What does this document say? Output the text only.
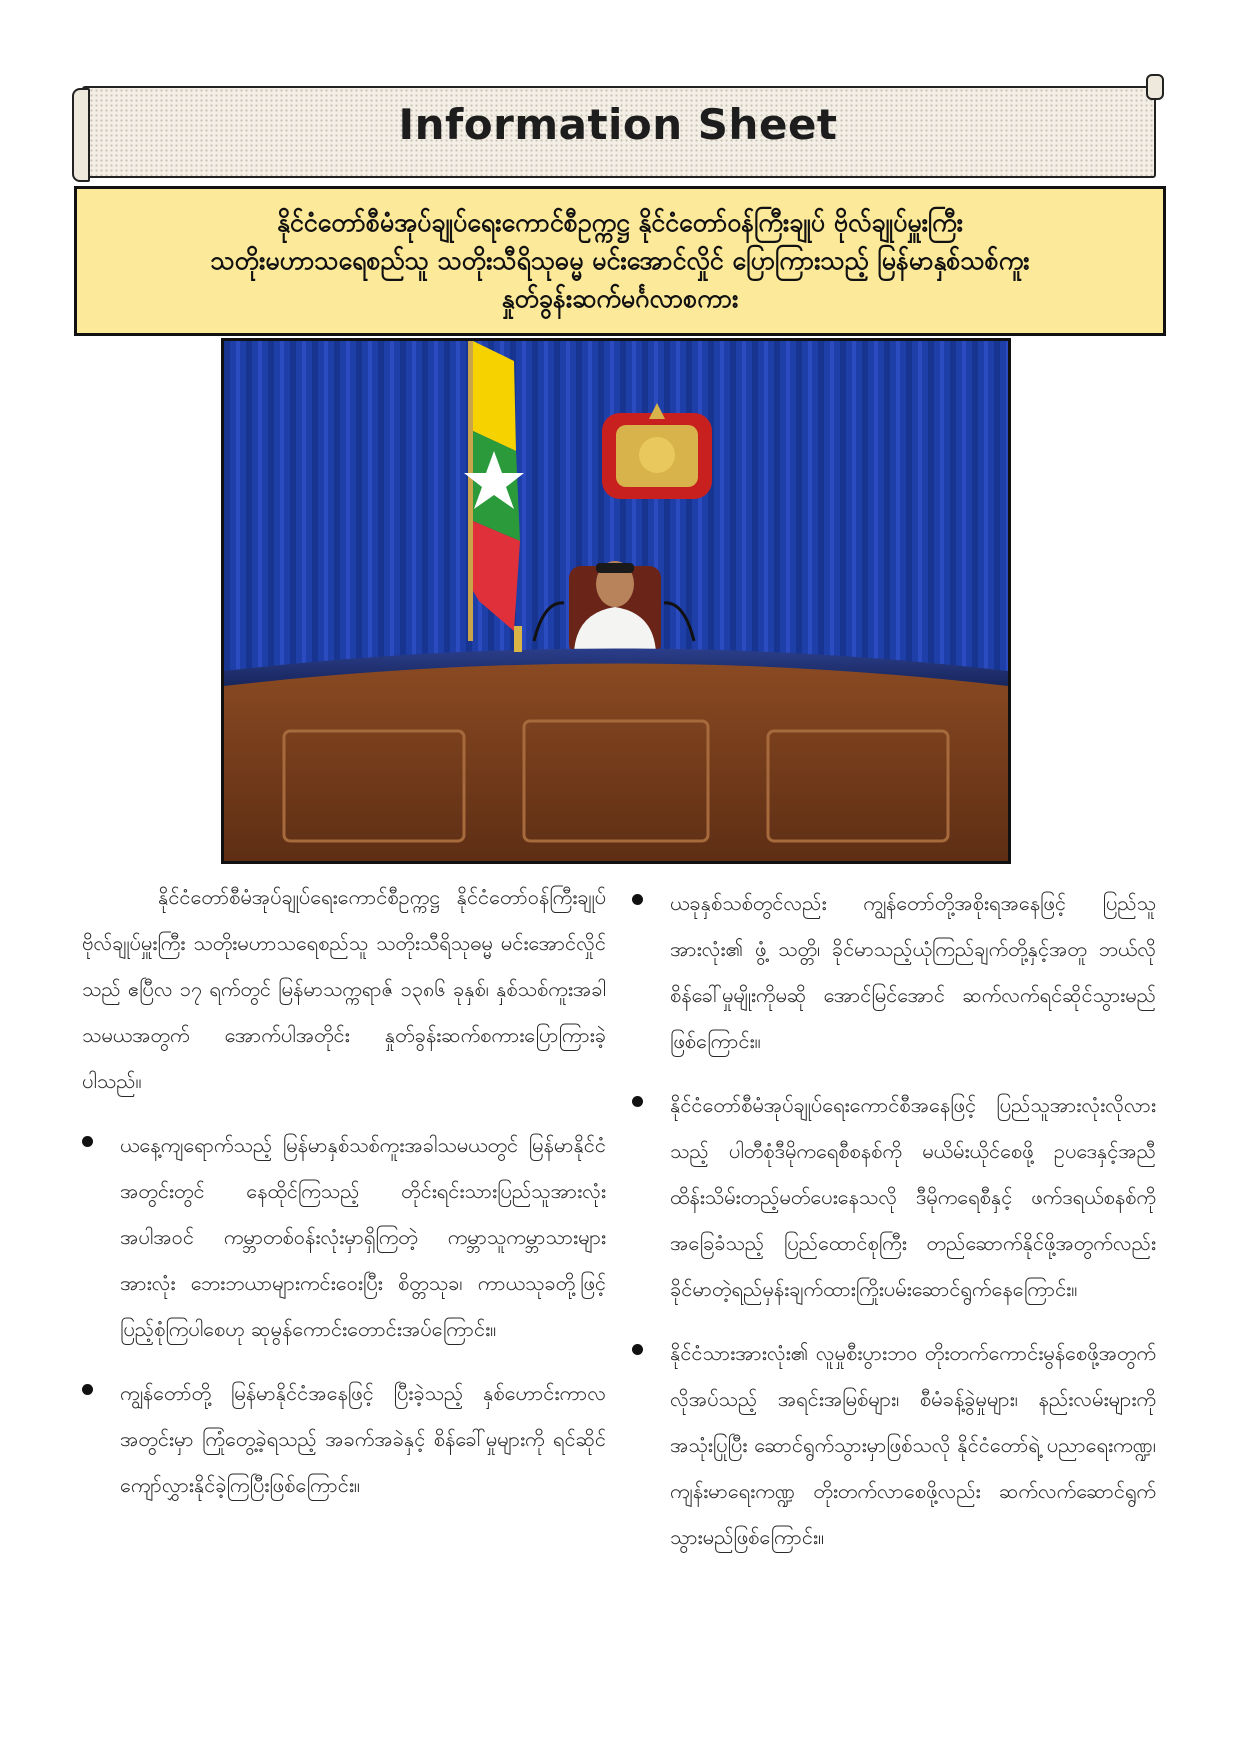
Information Sheet
နိုင်ငံတော်စီမံအုပ်ချုပ်ရေးကောင်စီဥက္ကဋ္ဌ နိုင်ငံတော်ဝန်ကြီးချုပ် ဗိုလ်ချုပ်မှူးကြီး
သတိုးမဟာသရေစည်သူ သတိုးသီရိသုဓမ္မ မင်းအောင်လှိုင် ပြောကြားသည့် မြန်မာနှစ်သစ်ကူး
နှုတ်ခွန်းဆက်မင်္ဂလာစကား

နိုင်ငံတော်စီမံအုပ်ချုပ်ရေးကောင်စီဥက္ကဋ္ဌ နိုင်ငံတော်ဝန်ကြီးချုပ် ဗိုလ်ချုပ်မှူးကြီး သတိုးမဟာသရေစည်သူ သတိုးသီရိသုဓမ္မ မင်းအောင်လှိုင်သည် ဧပြီလ ၁၇ ရက်တွင် မြန်မာသက္ကရာဇ် ၁၃၈၆ ခုနှစ်၊ နှစ်သစ်ကူးအခါသမယအတွက် အောက်ပါအတိုင်း နှုတ်ခွန်းဆက်စကားပြောကြားခဲ့ပါသည်။

ယနေ့ကျရောက်သည့် မြန်မာနှစ်သစ်ကူးအခါသမယတွင် မြန်မာနိုင်ငံအတွင်းတွင် နေထိုင်ကြသည့် တိုင်းရင်းသားပြည်သူအားလုံးအပါအဝင် ကမ္ဘာတစ်ဝန်းလုံးမှာရှိကြတဲ့ ကမ္ဘာသူကမ္ဘာသားများအားလုံး ဘေးဘယာများကင်းဝေးပြီး စိတ္တသုခ၊ ကာယသုခတို့ဖြင့် ပြည့်စုံကြပါစေဟု ဆုမွန်ကောင်းတောင်းအပ်ကြောင်း။
ကျွန်တော်တို့ မြန်မာနိုင်ငံအနေဖြင့် ပြီးခဲ့သည့် နှစ်ဟောင်းကာလအတွင်းမှာ ကြုံတွေ့ခဲ့ရသည့် အခက်အခဲနှင့် စိန်ခေါ်မှုများကို ရင်ဆိုင်ကျော်လွှားနိုင်ခဲ့ကြပြီးဖြစ်ကြောင်း။
ယခုနှစ်သစ်တွင်လည်း ကျွန်တော်တို့အစိုးရအနေဖြင့် ပြည်သူအားလုံး၏ ဖွံ့ သတ္တိ၊ ခိုင်မာသည့်ယုံကြည်ချက်တို့နှင့်အတူ ဘယ်လိုစိန်ခေါ်မှုမျိုးကိုမဆို အောင်မြင်အောင် ဆက်လက်ရင်ဆိုင်သွားမည်ဖြစ်ကြောင်း။
နိုင်ငံတော်စီမံအုပ်ချုပ်ရေးကောင်စီအနေဖြင့် ပြည်သူအားလုံးလိုလားသည့် ပါတီစုံဒီမိုကရေစီစနစ်ကို မယိမ်းယိုင်စေဖို့ ဥပဒေနှင့်အညီ ထိန်းသိမ်းတည့်မတ်ပေးနေသလို ဒီမိုကရေစီနှင့် ဖက်ဒရယ်စနစ်ကိုအခြေခံသည့် ပြည်ထောင်စုကြီး တည်ဆောက်နိုင်ဖို့အတွက်လည်း ခိုင်မာတဲ့ရည်မှန်းချက်ထားကြိုးပမ်းဆောင်ရွက်နေကြောင်း။
နိုင်ငံသားအားလုံး၏ လူမှုစီးပွားဘဝ တိုးတက်ကောင်းမွန်စေဖို့အတွက် လိုအပ်သည့် အရင်းအမြစ်များ၊ စီမံခန့်ခွဲမှုများ၊ နည်းလမ်းများကို အသုံးပြုပြီး ဆောင်ရွက်သွားမှာဖြစ်သလို နိုင်ငံတော်ရဲ့ ပညာရေးကဏ္ဍ၊ ကျန်းမာရေးကဏ္ဍ တိုးတက်လာစေဖို့လည်း ဆက်လက်ဆောင်ရွက်သွားမည်ဖြစ်ကြောင်း။
